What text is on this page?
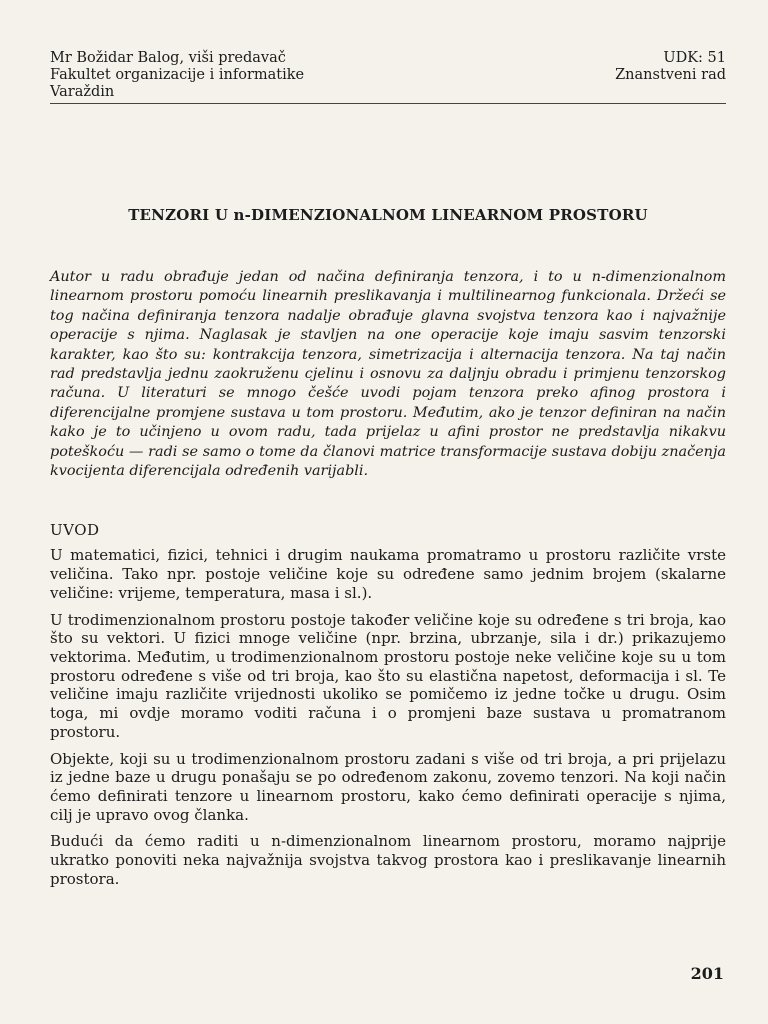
Mr Božidar Balog, viši predavač
Fakultet organizacije i informatike
Varaždin
UDK: 51
Znanstveni rad
TENZORI U n-DIMENZIONALNOM LINEARNOM PROSTORU
Autor u radu obrađuje jedan od načina definiranja tenzora, i to u n-dimenzionalnom linearnom prostoru pomoću linearnih preslikavanja i multilinearnog funkcionala. Držeći se tog načina definiranja tenzora nadalje obrađuje glavna svojstva tenzora kao i najvažnije operacije s njima. Naglasak je stavljen na one operacije koje imaju sasvim tenzorski karakter, kao što su: kontrakcija tenzora, simetrizacija i alternacija tenzora. Na taj način rad predstavlja jednu zaokruženu cjelinu i osnovu za daljnju obradu i primjenu tenzorskog računa. U literaturi se mnogo češće uvodi pojam tenzora preko afinog prostora i diferencijalne promjene sustava u tom prostoru. Međutim, ako je tenzor definiran na način kako je to učinjeno u ovom radu, tada prijelaz u afini prostor ne predstavlja nikakvu poteškoću — radi se samo o tome da članovi matrice transformacije sustava dobiju značenja kvocijenta diferencijala određenih varijabli.
UVOD
U matematici, fizici, tehnici i drugim naukama promatramo u prostoru različite vrste veličina. Tako npr. postoje veličine koje su određene samo jednim brojem (skalarne veličine: vrijeme, temperatura, masa i sl.).
U trodimenzionalnom prostoru postoje također veličine koje su određene s tri broja, kao što su vektori. U fizici mnoge veličine (npr. brzina, ubrzanje, sila i dr.) prikazujemo vektorima. Međutim, u trodimenzionalnom prostoru postoje neke veličine koje su u tom prostoru određene s više od tri broja, kao što su elastična napetost, deformacija i sl. Te veličine imaju različite vrijednosti ukoliko se pomičemo iz jedne točke u drugu. Osim toga, mi ovdje moramo voditi računa i o promjeni baze sustava u promatranom prostoru.
Objekte, koji su u trodimenzionalnom prostoru zadani s više od tri broja, a pri prijelazu iz jedne baze u drugu ponašaju se po određenom zakonu, zovemo tenzori. Na koji način ćemo definirati tenzore u linearnom prostoru, kako ćemo definirati operacije s njima, cilj je upravo ovog članka.
Budući da ćemo raditi u n-dimenzionalnom linearnom prostoru, moramo najprije ukratko ponoviti neka najvažnija svojstva takvog prostora kao i preslikavanje linearnih prostora.
201
